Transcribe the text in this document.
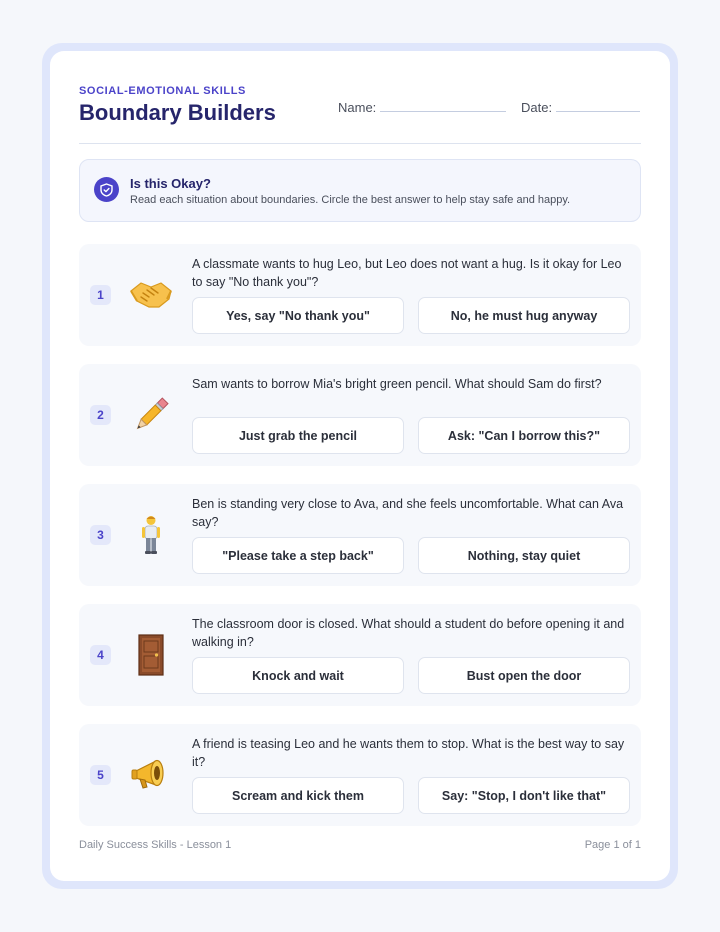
SOCIAL-EMOTIONAL SKILLS
Boundary Builders	Name:	Date:
Is this Okay?
Read each situation about boundaries. Circle the best answer to help stay safe and happy.
1
A classmate wants to hug Leo, but Leo does not want a hug. Is it okay for Leo to say "No thank you"?
Yes, say "No thank you"	No, he must hug anyway
2
Sam wants to borrow Mia's bright green pencil. What should Sam do first?
Just grab the pencil	Ask: "Can I borrow this?"
3
Ben is standing very close to Ava, and she feels uncomfortable. What can Ava say?
"Please take a step back"	Nothing, stay quiet
4
The classroom door is closed. What should a student do before opening it and walking in?
Knock and wait	Bust open the door
5
A friend is teasing Leo and he wants them to stop. What is the best way to say it?
Scream and kick them	Say: "Stop, I don't like that"
Daily Success Skills - Lesson 1	Page 1 of 1
